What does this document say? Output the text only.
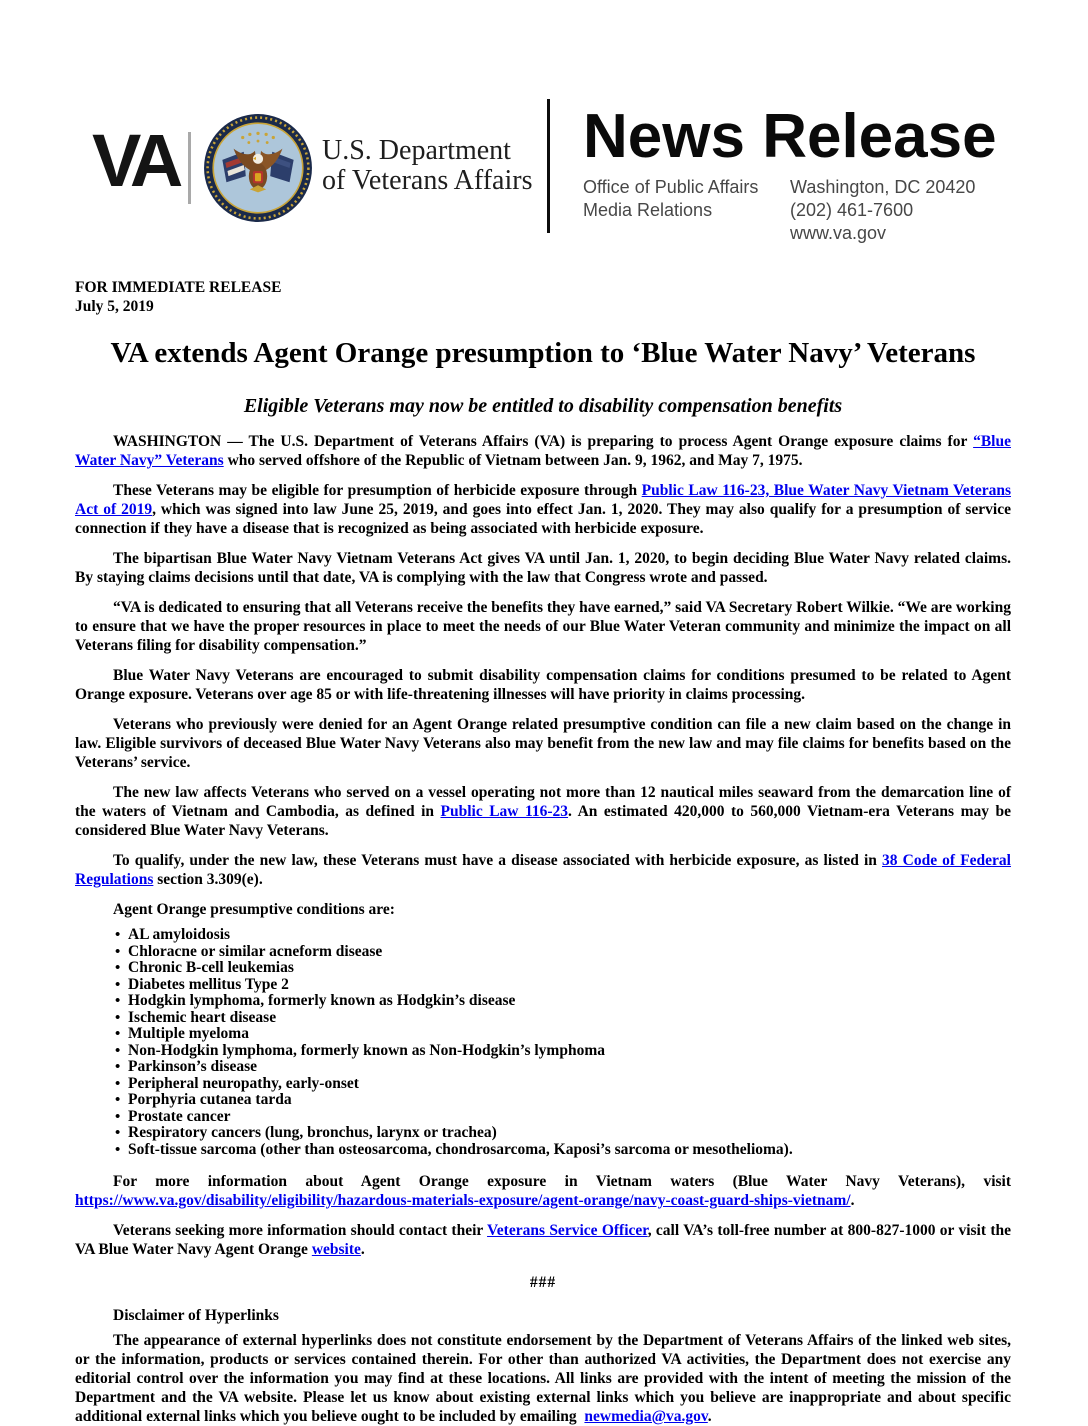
VA	U.S. Department
of Veterans Affairs
News Release
Office of Public Affairs
Media Relations
Washington, DC 20420
(202) 461-7600
www.va.gov
FOR IMMEDIATE RELEASE
July 5, 2019
VA extends Agent Orange presumption to ‘Blue Water Navy’ Veterans
Eligible Veterans may now be entitled to disability compensation benefits

WASHINGTON — The U.S. Department of Veterans Affairs (VA) is preparing to process Agent Orange exposure claims for “Blue Water Navy” Veterans who served offshore of the Republic of Vietnam between Jan. 9, 1962, and May 7, 1975.

These Veterans may be eligible for presumption of herbicide exposure through Public Law 116-23, Blue Water Navy Vietnam Veterans Act of 2019, which was signed into law June 25, 2019, and goes into effect Jan. 1, 2020. They may also qualify for a presumption of service connection if they have a disease that is recognized as being associated with herbicide exposure.

The bipartisan Blue Water Navy Vietnam Veterans Act gives VA until Jan. 1, 2020, to begin deciding Blue Water Navy related claims. By staying claims decisions until that date, VA is complying with the law that Congress wrote and passed.

“VA is dedicated to ensuring that all Veterans receive the benefits they have earned,” said VA Secretary Robert Wilkie. “We are working to ensure that we have the proper resources in place to meet the needs of our Blue Water Veteran community and minimize the impact on all Veterans filing for disability compensation.”

Blue Water Navy Veterans are encouraged to submit disability compensation claims for conditions presumed to be related to Agent Orange exposure. Veterans over age 85 or with life-threatening illnesses will have priority in claims processing.

Veterans who previously were denied for an Agent Orange related presumptive condition can file a new claim based on the change in law. Eligible survivors of deceased Blue Water Navy Veterans also may benefit from the new law and may file claims for benefits based on the Veterans’ service.

The new law affects Veterans who served on a vessel operating not more than 12 nautical miles seaward from the demarcation line of the waters of Vietnam and Cambodia, as defined in Public Law 116-23. An estimated 420,000 to 560,000 Vietnam-era Veterans may be considered Blue Water Navy Veterans.

To qualify, under the new law, these Veterans must have a disease associated with herbicide exposure, as listed in 38 Code of Federal Regulations section 3.309(e).

Agent Orange presumptive conditions are:

• AL amyloidosis
• Chloracne or similar acneform disease
• Chronic B-cell leukemias
• Diabetes mellitus Type 2
• Hodgkin lymphoma, formerly known as Hodgkin’s disease
• Ischemic heart disease
• Multiple myeloma
• Non-Hodgkin lymphoma, formerly known as Non-Hodgkin’s lymphoma
• Parkinson’s disease
• Peripheral neuropathy, early-onset
• Porphyria cutanea tarda
• Prostate cancer
• Respiratory cancers (lung, bronchus, larynx or trachea)
• Soft-tissue sarcoma (other than osteosarcoma, chondrosarcoma, Kaposi’s sarcoma or mesothelioma).

For more information about Agent Orange exposure in Vietnam waters (Blue Water Navy Veterans), visit https://www.va.gov/disability/eligibility/hazardous-materials-exposure/agent-orange/navy-coast-guard-ships-vietnam/.

Veterans seeking more information should contact their Veterans Service Officer, call VA’s toll-free number at 800-827-1000 or visit the VA Blue Water Navy Agent Orange website.

###

Disclaimer of Hyperlinks

The appearance of external hyperlinks does not constitute endorsement by the Department of Veterans Affairs of the linked web sites, or the information, products or services contained therein. For other than authorized VA activities, the Department does not exercise any editorial control over the information you may find at these locations. All links are provided with the intent of meeting the mission of the Department and the VA website. Please let us know about existing external links which you believe are inappropriate and about specific additional external links which you believe ought to be included by emailing  newmedia@va.gov.
